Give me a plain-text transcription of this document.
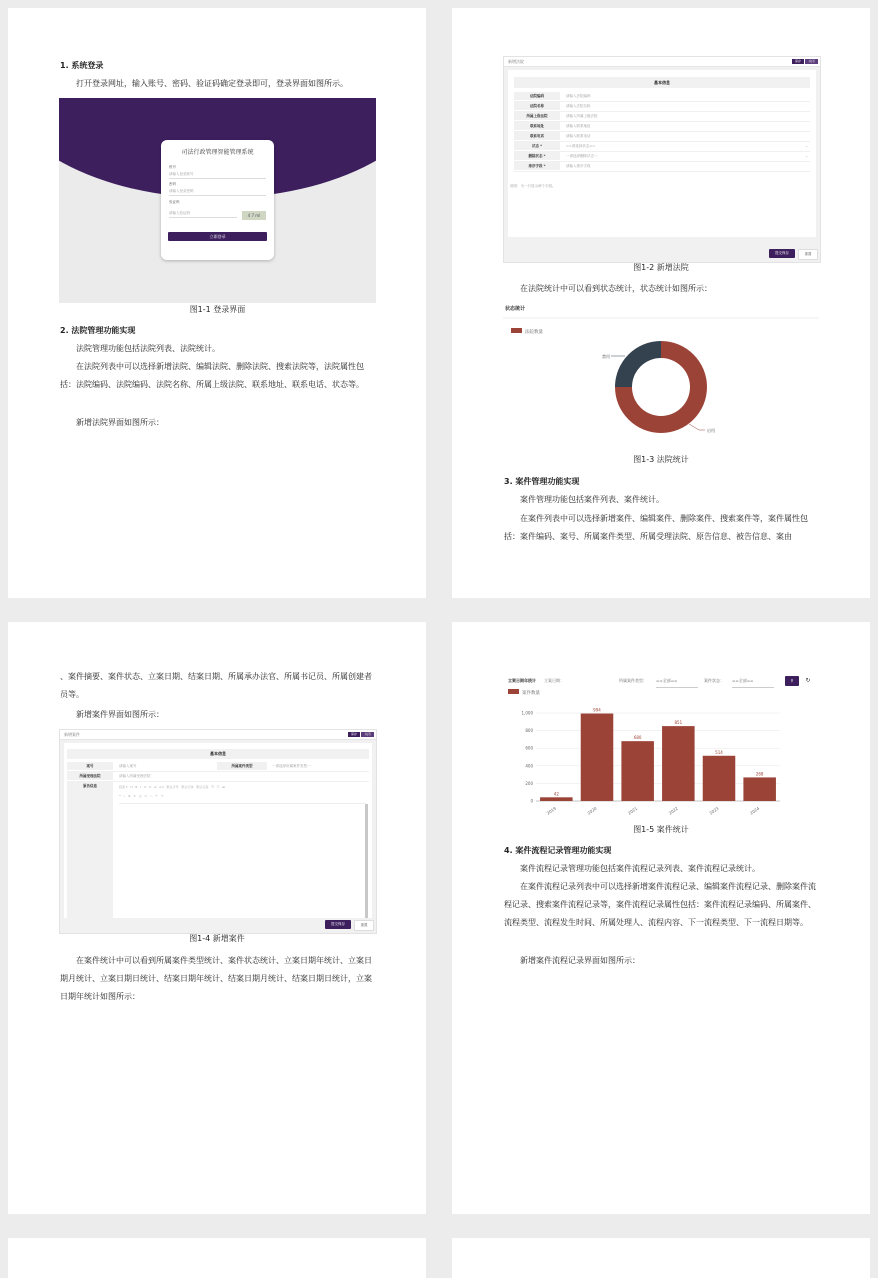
1. 系统登录
打开登录网址，输入账号、密码、验证码确定登录即可，登录界面如图所示。
司法行政管理智能管理系统
账号
请输入登录账号
密码
请输入登录密码
验证码
请输入验证码	4 7 ml
立即登录
图1-1 登录界面
2. 法院管理功能实现
法院管理功能包括法院列表、法院统计。
在法院列表中可以选择新增法院、编辑法院、删除法院、搜索法院等，法院属性包括：法院编码、法院编码、法院名称、所属上级法院、联系地址、联系电话、状态等。
新增法院界面如图所示：
新增法院	保存	关闭
基本信息
法院编码	请输入法院编码
法院名称	请输入法院名称
所属上级法院	请输入所属上级法院
联系地址	请输入联系地址
联系电话	请输入联系电话
状态 *	==请选择状态==	⌄
删除状态 *	一请选择删除状态一	⌄
排序字段 *	请输入排序字段
说明：为一行显示两个字段。
提交保存	重置
图1-2 新增法院
在法院统计中可以看到状态统计，状态统计如图所示：
状态统计
法院数量
禁用
启用
图1-3 法院统计
3. 案件管理功能实现
案件管理功能包括案件列表、案件统计。
在案件列表中可以选择新增案件、编辑案件、删除案件、搜索案件等，案件属性包括：案件编码、案号、所属案件类型、所属受理法院、原告信息、被告信息、案由
、案件摘要、案件状态、立案日期、结案日期、所属承办法官、所属书记员、所属创建者员等。
新增案件界面如图所示：
新增案件	保存	关闭
基本信息
案号	请输入案号	所属案件类型	一请选择所属案件类型一
所属受理法院	请输入所属受理法院
原告信息	段落 ▾   H   B   I   U   S   ≡   A ▾   默认字号   默认字体   默认行高   ☰   ☷   ⊞
❝   ⌗   ⊕   ✎   ◫   ▭   ‹›   ↶   ↷
提交保存	重置
图1-4 新增案件
在案件统计中可以看到所属案件类型统计、案件状态统计、立案日期年统计、立案日期月统计、立案日期日统计、结案日期年统计、结案日期月统计、结案日期日统计，立案日期年统计如图所示：
立案日期年统计 立案日期：	所属案件类型： ==全部==	案件状态： ==全部==	⚲	↻
案件数量
0
200
400
600
800
1,000
42
2019
994
2020
680
2021
851
2022
514
2023
268
2024
图1-5 案件统计
4. 案件流程记录管理功能实现
案件流程记录管理功能包括案件流程记录列表、案件流程记录统计。
在案件流程记录列表中可以选择新增案件流程记录、编辑案件流程记录、删除案件流程记录、搜索案件流程记录等，案件流程记录属性包括：案件流程记录编码、所属案件、流程类型、流程发生时间、所属处理人、流程内容、下一流程类型、下一流程日期等。
新增案件流程记录界面如图所示：
